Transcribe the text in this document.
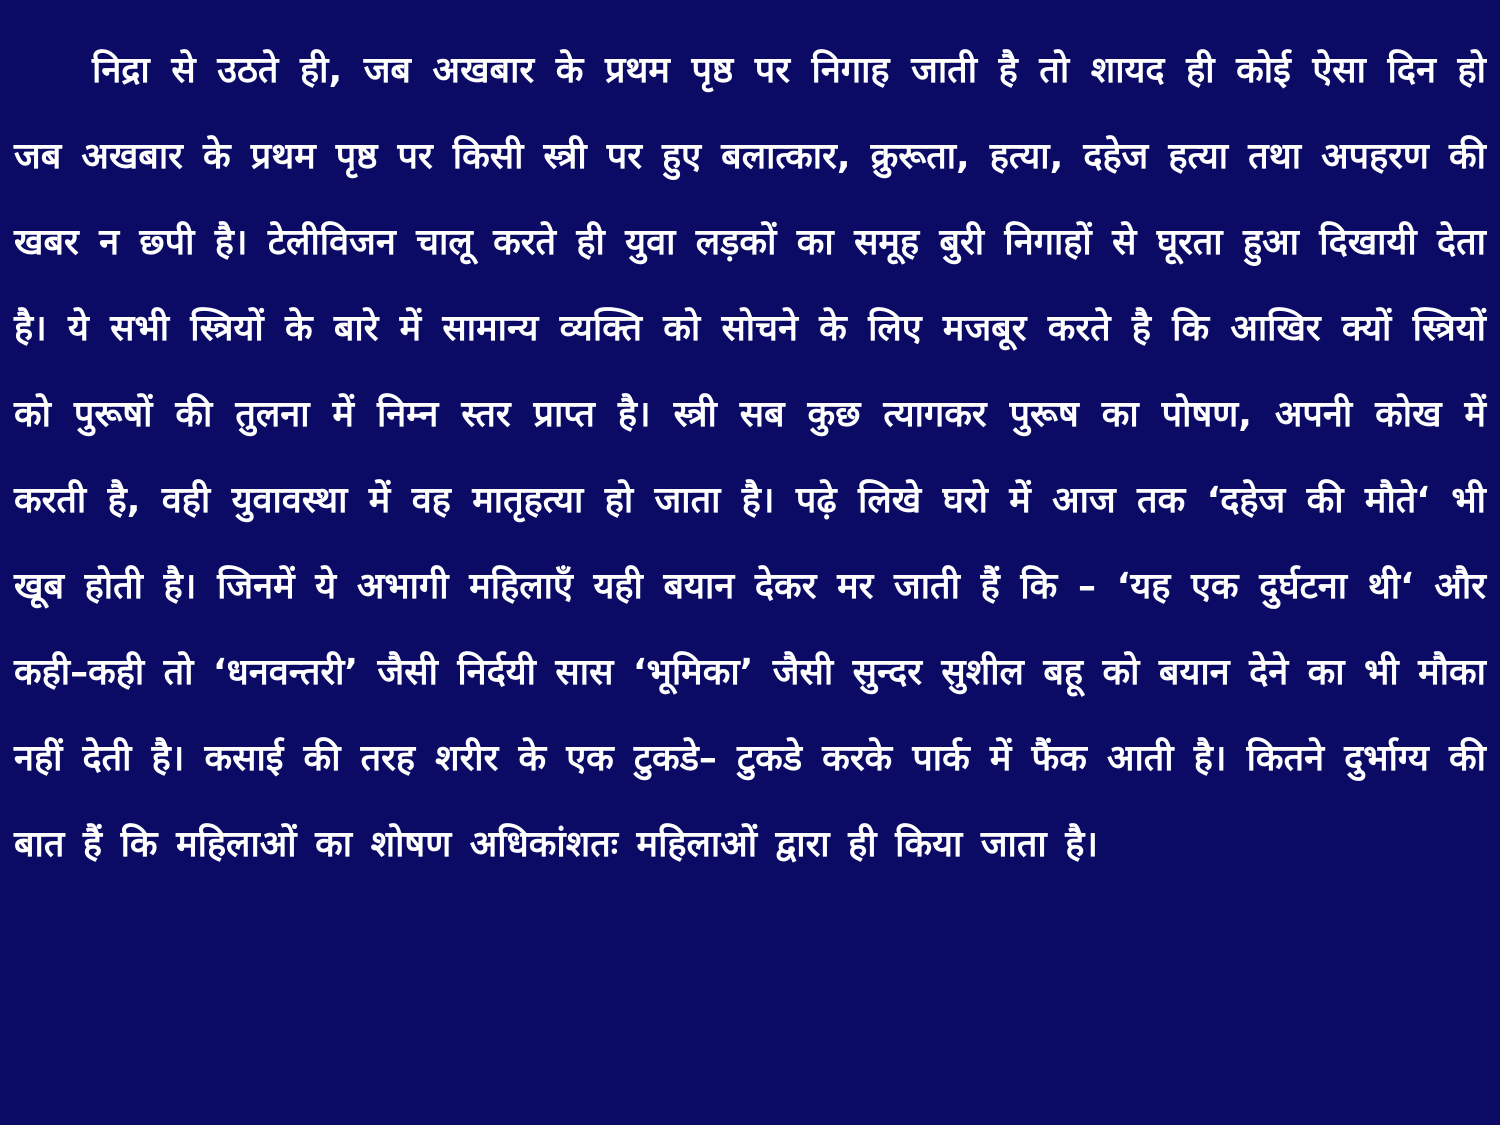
निद्रा से उठते ही, जब अखबार के प्रथम पृष्ठ पर निगाह जाती है तो शायद ही कोई ऐसा दिन हो जब अखबार के प्रथम पृष्ठ पर किसी स्त्री पर हुए बलात्कार, क्रुरूता, हत्या, दहेज हत्या तथा अपहरण की खबर न छ्पी है। टेलीविजन चालू करते ही युवा लड़कों का समूह बुरी निगाहों से घूरता हुआ दिखायी देता है। ये सभी स्त्रियों के बारे में सामान्य व्यक्ति को सोचने के लिए मजबूर करते है कि आखिर क्यों स्त्रियों को पुरूषों की तुलना में निम्न स्तर प्राप्त है। स्त्री सब कुछ त्यागकर पुरूष का पोषण, अपनी कोख में करती है, वही युवावस्था में वह मातृहत्या हो जाता है। पढ़े लिखे घरो में आज तक ‘दहेज की मौते‘ भी खूब होती है। जिनमें ये अभागी महिलाएँ यही बयान देकर मर जाती हैं कि – ‘यह एक दुर्घटना थी‘ और कही–कही तो ‘धनवन्तरी’ जैसी निर्दयी सास ‘भूमिका’ जैसी सुन्दर सुशील बहू को बयान देने का भी मौका नहीं देती है। कसाई की तरह शरीर के एक टुकडे– टुकडे करके पार्क में फैंक आती है। कितने दुर्भाग्य की बात हैं कि महिलाओं का शोषण अधिकांशतः महिलाओं द्वारा ही किया जाता है।
